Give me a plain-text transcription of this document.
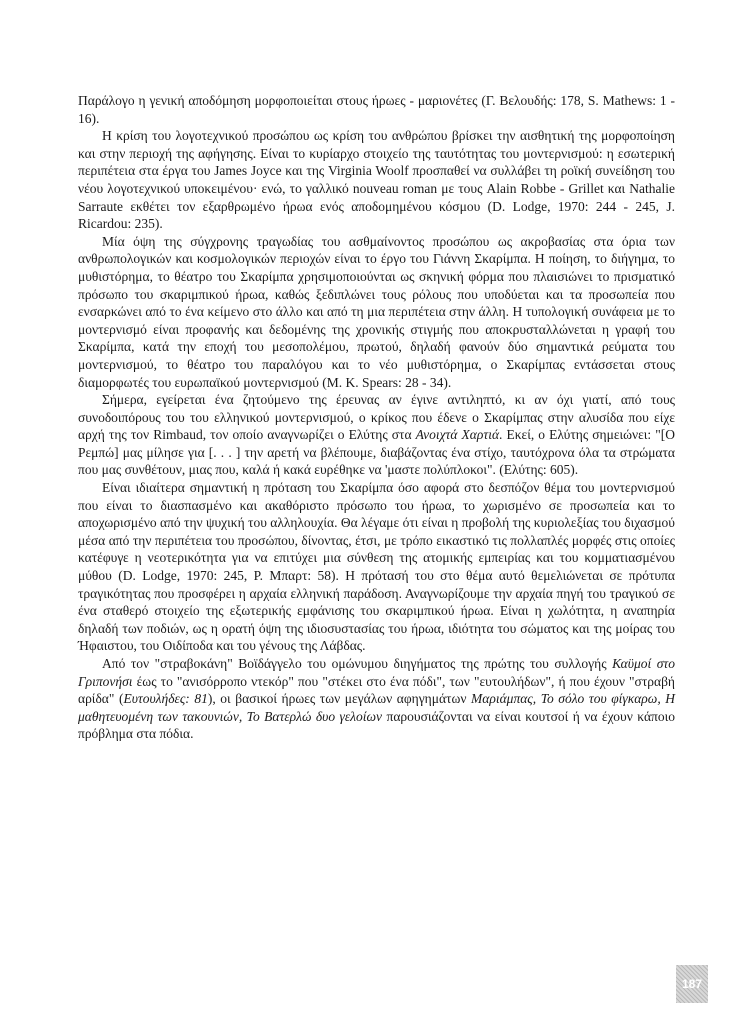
Παράλογο η γενική αποδόμηση μορφοποιείται στους ήρωες - μαριονέτες (Γ. Βελουδής: 178, S. Mathews: 1 - 16).

Η κρίση του λογοτεχνικού προσώπου ως κρίση του ανθρώπου βρίσκει την αισθητική της μορφοποίηση και στην περιοχή της αφήγησης. Είναι το κυρίαρχο στοιχείο της ταυτότητας του μοντερνισμού: η εσωτερική περιπέτεια στα έργα του James Joyce και της Virginia Woolf προσπαθεί να συλλάβει τη ροϊκή συνείδηση του νέου λογοτεχνικού υποκειμένου· ενώ, το γαλλικό nouveau roman με τους Alain Robbe - Grillet και Nathalie Sarraute εκθέτει τον εξαρθρωμένο ήρωα ενός αποδομημένου κόσμου (D. Lodge, 1970: 244 - 245, J. Ricardou: 235).

Μία όψη της σύγχρονης τραγωδίας του ασθμαίνοντος προσώπου ως ακροβασίας στα όρια των ανθρωπολογικών και κοσμολογικών περιοχών είναι το έργο του Γιάννη Σκαρίμπα. Η ποίηση, το διήγημα, το μυθιστόρημα, το θέατρο του Σκαρίμπα χρησιμοποιούνται ως σκηνική φόρμα που πλαισιώνει το πρισματικό πρόσωπο του σκαριμπικού ήρωα, καθώς ξεδιπλώνει τους ρόλους που υποδύεται και τα προσωπεία που ενσαρκώνει από το ένα κείμενο στο άλλο και από τη μια περιπέτεια στην άλλη. Η τυπολογική συνάφεια με το μοντερνισμό είναι προφανής και δεδομένης της χρονικής στιγμής που αποκρυσταλλώνεται η γραφή του Σκαρίμπα, κατά την εποχή του μεσοπολέμου, πρωτού, δηλαδή φανούν δύο σημαντικά ρεύματα του μοντερνισμού, το θέατρο του παραλόγου και το νέο μυθιστόρημα, ο Σκαρίμπας εντάσσεται στους διαμορφωτές του ευρωπαϊκού μοντερνισμού (M. K. Spears: 28 - 34).

Σήμερα, εγείρεται ένα ζητούμενο της έρευνας αν έγινε αντιληπτό, κι αν όχι γιατί, από τους συνοδοιπόρους του του ελληνικού μοντερνισμού, ο κρίκος που έδενε ο Σκαρίμπας στην αλυσίδα που είχε αρχή της τον Rimbaud, τον οποίο αναγνωρίζει ο Ελύτης στα Ανοιχτά Χαρτιά. Εκεί, ο Ελύτης σημειώνει: "[Ο Ρεμπώ] μας μίλησε για [. . . ] την αρετή να βλέπουμε, διαβάζοντας ένα στίχο, ταυτόχρονα όλα τα στρώματα που μας συνθέτουν, μιας που, καλά ή κακά ευρέθηκε να 'μαστε πολύπλοκοι". (Ελύτης: 605).

Είναι ιδιαίτερα σημαντική η πρόταση του Σκαρίμπα όσο αφορά στο δεσπόζον θέμα του μοντερνισμού που είναι το διασπασμένο και ακαθόριστο πρόσωπο του ήρωα, το χωρισμένο σε προσωπεία και το αποχωρισμένο από την ψυχική του αλληλουχία. Θα λέγαμε ότι είναι η προβολή της κυριολεξίας του διχασμού μέσα από την περιπέτεια του προσώπου, δίνοντας, έτσι, με τρόπο εικαστικό τις πολλαπλές μορφές στις οποίες κατέφυγε η νεοτερικότητα για να επιτύχει μια σύνθεση της ατομικής εμπειρίας και του κομματιασμένου μύθου (D. Lodge, 1970: 245, P. Μπαρτ: 58). Η πρότασή του στο θέμα αυτό θεμελιώνεται σε πρότυπα τραγικότητας που προσφέρει η αρχαία ελληνική παράδοση. Αναγνωρίζουμε την αρχαία πηγή του τραγικού σε ένα σταθερό στοιχείο της εξωτερικής εμφάνισης του σκαριμπικού ήρωα. Είναι η χωλότητα, η αναπηρία δηλαδή των ποδιών, ως η ορατή όψη της ιδιοσυστασίας του ήρωα, ιδιότητα του σώματος και της μοίρας του Ήφαιστου, του Οιδίποδα και του γένους της Λάβδας.

Από τον "στραβοκάνη" Βοϊδάγγελο του ομώνυμου διηγήματος της πρώτης του συλλογής Καϋμοί στο Γριπονήσι έως το "ανισόρροπο ντεκόρ" που "στέκει στο ένα πόδι", των "ευτουλήδων", ή που έχουν "στραβή αρίδα" (Ευτουλήδες: 81), οι βασικοί ήρωες των μεγάλων αφηγημάτων Μαριάμπας, Το σόλο του φίγκαρω, Η μαθητευομένη των τακουνιών, Το Βατερλώ δυο γελοίων παρουσιάζονται να είναι κουτσοί ή να έχουν κάποιο πρόβλημα στα πόδια.

187
